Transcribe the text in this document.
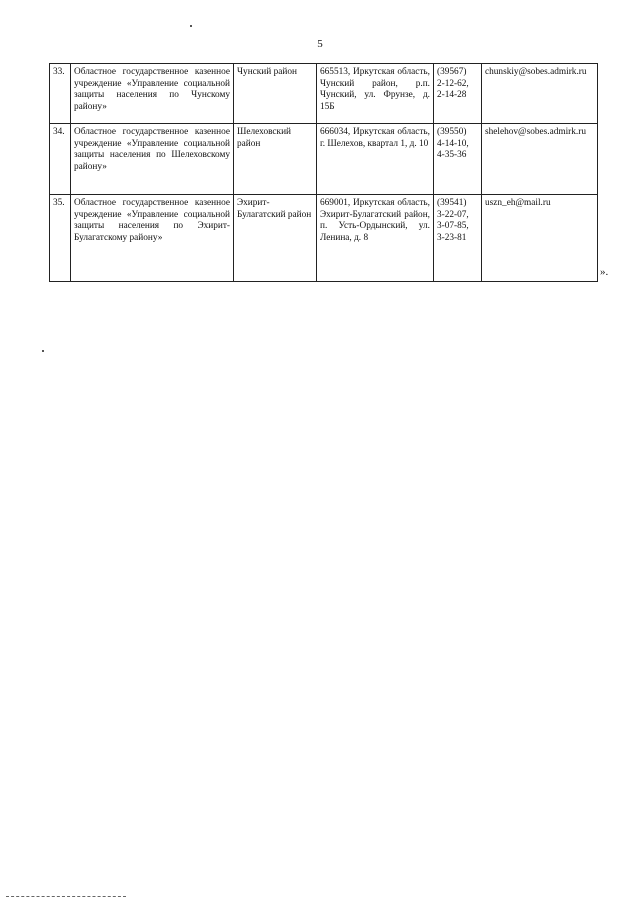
5
33.	Областное государственное казенное учреждение «Управление социальной защиты населения по Чунскому району»	Чунский район	665513, Иркутская область, Чунский район, р.п. Чунский, ул. Фрунзе, д. 15Б	(39567)
2-12-62,
2-14-28	chunskiy@sobes.admirk.ru
34.	Областное государственное казенное учреждение «Управление социальной защиты населения по Шелеховскому району»	Шелеховский район	666034, Иркутская область, г. Шелехов, квартал 1, д. 10	(39550)
4-14-10,
4-35-36	shelehov@sobes.admirk.ru
35.	Областное государственное казенное учреждение «Управление социальной защиты населения по Эхирит-Булагатскому району»	Эхирит-Булагатский район	669001, Иркутская область, Эхирит-Булагатский район, п. Усть-Ордынский, ул. Ленина, д. 8	(39541)
3-22-07,
3-07-85,
3-23-81	uszn_eh@mail.ru
».
